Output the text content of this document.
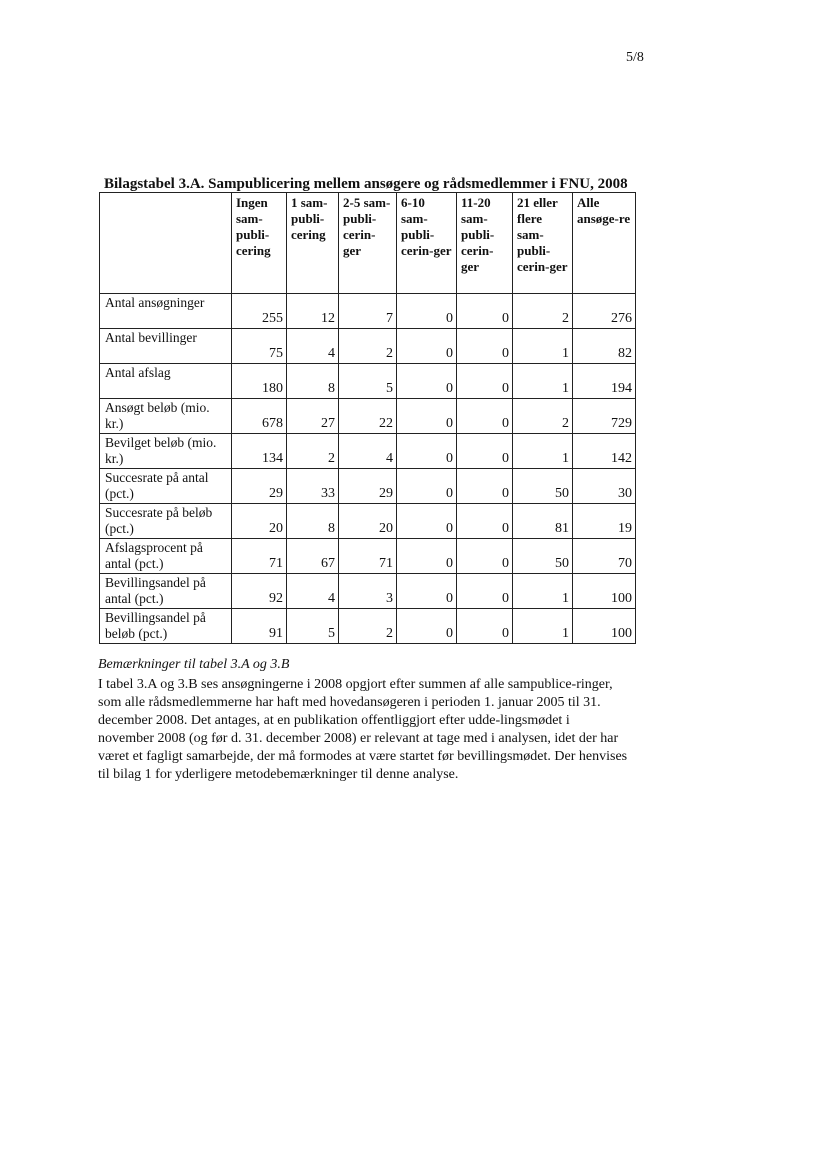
5/8
Bilagstabel 3.A. Sampublicering mellem ansøgere og rådsmedlemmer i FNU, 2008
	Ingen sam-publi-cering	1 sam-publi-cering	2-5 sam-publi-cerin-ger	6-10 sam-publi-cerin-ger	11-20 sam-publi-cerin-ger	21 eller flere sam-publi-cerin-ger	Alle ansøge-re
Antal ansøgninger	255	12	7	0	0	2	276
Antal bevillinger	75	4	2	0	0	1	82
Antal afslag	180	8	5	0	0	1	194
Ansøgt beløb (mio. kr.)	678	27	22	0	0	2	729
Bevilget beløb (mio. kr.)	134	2	4	0	0	1	142
Succesrate på antal (pct.)	29	33	29	0	0	50	30
Succesrate på beløb (pct.)	20	8	20	0	0	81	19
Afslagsprocent på antal (pct.)	71	67	71	0	0	50	70
Bevillingsandel på antal (pct.)	92	4	3	0	0	1	100
Bevillingsandel på beløb (pct.)	91	5	2	0	0	1	100

Bemærkninger til tabel 3.A og 3.B

I tabel 3.A og 3.B ses ansøgningerne i 2008 opgjort efter summen af alle sampublice-ringer, som alle rådsmedlemmerne har haft med hovedansøgeren i perioden 1. januar 2005 til 31. december 2008. Det antages, at en publikation offentliggjort efter udde-lingsmødet i november 2008 (og før d. 31. december 2008) er relevant at tage med i analysen, idet der har været et fagligt samarbejde, der må formodes at være startet før bevillingsmødet. Der henvises til bilag 1 for yderligere metodebemærkninger til denne analyse.
